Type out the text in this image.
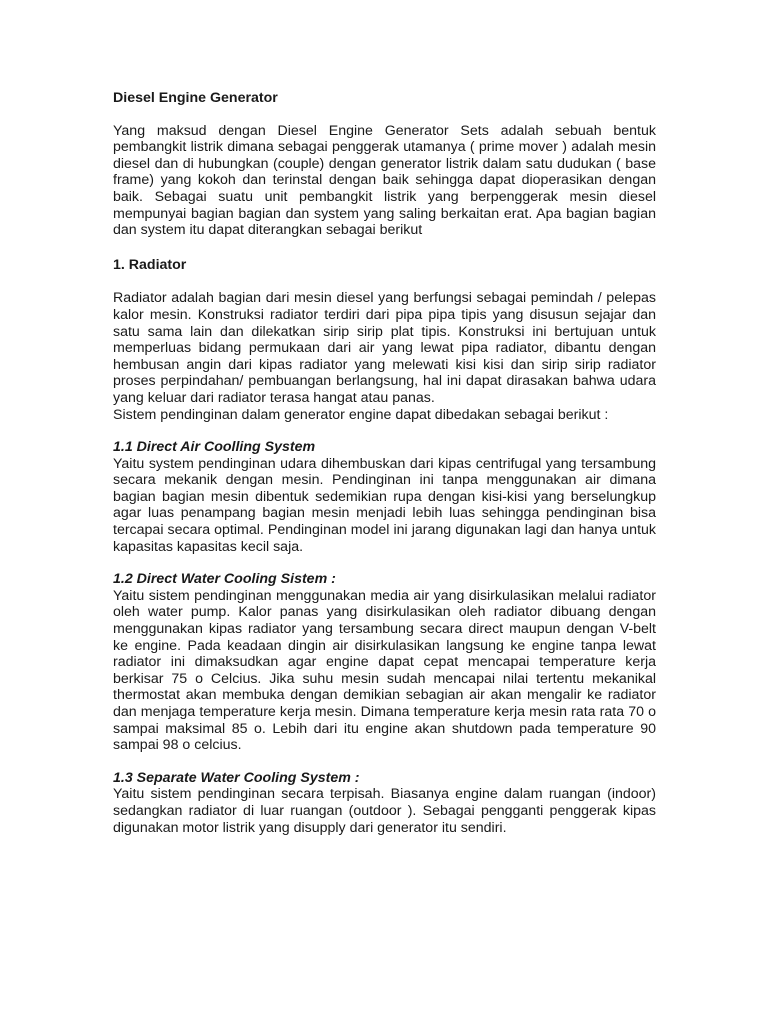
Diesel Engine Generator

Yang maksud dengan Diesel Engine Generator Sets adalah sebuah bentuk pembangkit listrik dimana sebagai penggerak utamanya ( prime mover ) adalah mesin diesel dan di hubungkan (couple) dengan generator listrik dalam satu dudukan ( base frame) yang kokoh dan terinstal dengan baik sehingga dapat dioperasikan dengan baik. Sebagai suatu unit pembangkit listrik yang berpenggerak mesin diesel mempunyai bagian bagian dan system yang saling berkaitan erat. Apa bagian bagian dan system itu dapat diterangkan sebagai berikut

1. Radiator

Radiator adalah bagian dari mesin diesel yang berfungsi sebagai pemindah / pelepas kalor mesin. Konstruksi radiator terdiri dari pipa pipa tipis yang disusun sejajar dan satu sama lain dan dilekatkan sirip sirip plat tipis. Konstruksi ini bertujuan untuk memperluas bidang permukaan dari air yang lewat pipa radiator, dibantu dengan hembusan angin dari kipas radiator yang melewati kisi kisi dan sirip sirip radiator proses perpindahan/ pembuangan berlangsung, hal ini dapat dirasakan bahwa udara yang keluar dari radiator terasa hangat atau panas.

Sistem pendinginan dalam generator engine dapat dibedakan sebagai berikut :

1.1 Direct Air Coolling System

Yaitu system pendinginan udara dihembuskan dari kipas centrifugal yang tersambung secara mekanik dengan mesin. Pendinginan ini tanpa menggunakan air dimana bagian bagian mesin dibentuk sedemikian rupa dengan kisi-kisi yang berselungkup agar luas penampang bagian mesin menjadi lebih luas sehingga pendinginan bisa tercapai secara optimal. Pendinginan model ini jarang digunakan lagi dan hanya untuk kapasitas kapasitas kecil saja.

1.2 Direct Water Cooling Sistem :

Yaitu sistem pendinginan menggunakan media air yang disirkulasikan melalui radiator oleh water pump. Kalor panas yang disirkulasikan oleh radiator dibuang dengan menggunakan kipas radiator yang tersambung secara direct maupun dengan V-belt ke engine. Pada keadaan dingin air disirkulasikan langsung ke engine tanpa lewat radiator ini dimaksudkan agar engine dapat cepat mencapai temperature kerja berkisar 75 o Celcius. Jika suhu mesin sudah mencapai nilai tertentu mekanikal thermostat akan membuka dengan demikian sebagian air akan mengalir ke radiator dan menjaga temperature kerja mesin. Dimana temperature kerja mesin rata rata 70 o sampai maksimal 85 o. Lebih dari itu engine akan shutdown pada temperature 90 sampai 98 o celcius.

1.3 Separate Water Cooling System :

Yaitu sistem pendinginan secara terpisah. Biasanya engine dalam ruangan (indoor) sedangkan radiator di luar ruangan (outdoor ). Sebagai pengganti penggerak kipas digunakan motor listrik yang disupply dari generator itu sendiri.
